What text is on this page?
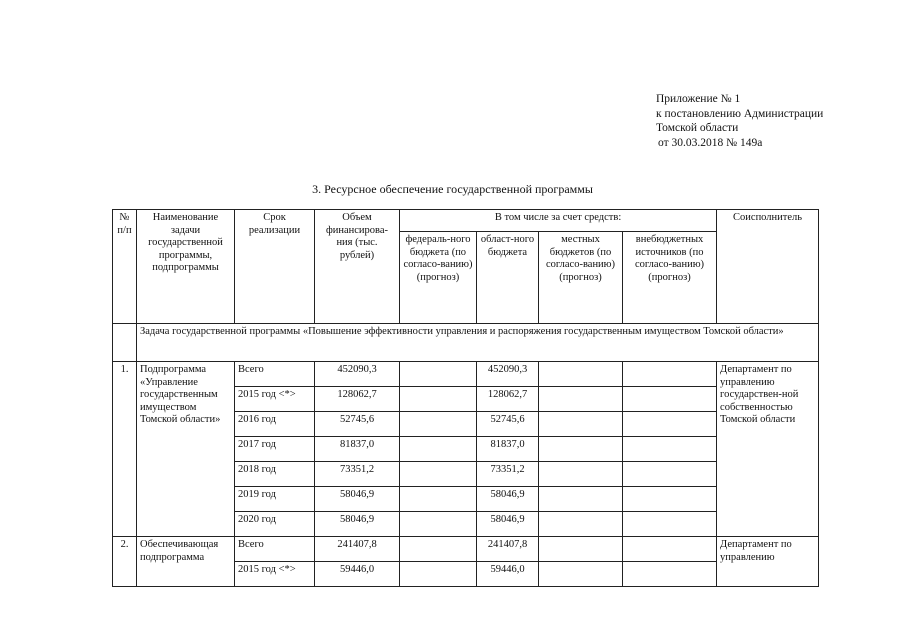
Приложение № 1
к постановлению Администрации
Томской области
от 30.03.2018 № 149а
3. Ресурсное обеспечение государственной программы
№ п/п	Наименование задачи государственной программы, подпрограммы	Срок реализации	Объем финансирова-ния (тыс. рублей)	В том числе за счет средств:				Соисполнитель
				федераль-ного бюджета (по согласо-ванию) (прогноз)	област-ного бюджета	местных бюджетов (по согласо-ванию) (прогноз)	внебюджетных источников (по согласо-ванию) (прогноз)	
	Задача государственной программы «Повышение эффективности управления и распоряжения государственным имуществом Томской области»							
1.	Подпрограмма «Управление государственным имуществом Томской области»	Всего	452090,3		452090,3			Департамент по управлению государствен-ной собственностью Томской области
		2015 год <*>	128062,7		128062,7			
		2016 год	52745,6		52745,6			
		2017 год	81837,0		81837,0			
		2018 год	73351,2		73351,2			
		2019 год	58046,9		58046,9			
		2020 год	58046,9		58046,9			
2.	Обеспечивающая подпрограмма	Всего	241407,8		241407,8			Департамент по управлению
		2015 год <*>	59446,0		59446,0			
